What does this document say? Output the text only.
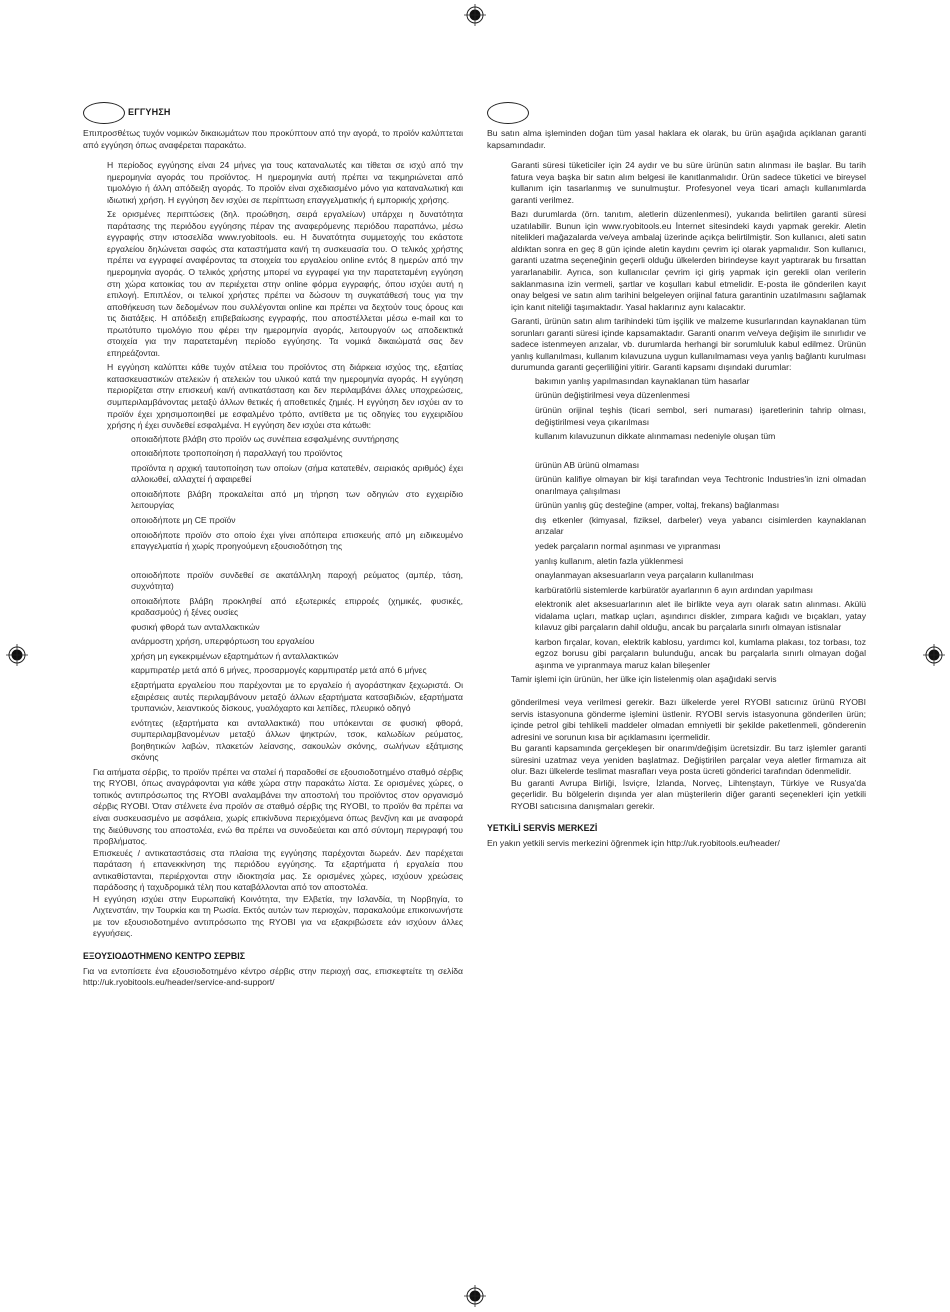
ΕΓΓΥΗΣΗ

Επιπροσθέτως τυχόν νομικών δικαιωμάτων που προκύπτουν από την αγορά, το προϊόν καλύπτεται από εγγύηση όπως αναφέρεται παρακάτω.

Η περίοδος εγγύησης είναι 24 μήνες για τους καταναλωτές και τίθεται σε ισχύ από την ημερομηνία αγοράς του προϊόντος. Η ημερομηνία αυτή πρέπει να τεκμηριώνεται από τιμολόγιο ή άλλη απόδειξη αγοράς. Το προϊόν είναι σχεδιασμένο μόνο για καταναλωτική και ιδιωτική χρήση. Η εγγύηση δεν ισχύει σε περίπτωση επαγγελματικής ή εμπορικής χρήσης.

Σε ορισμένες περιπτώσεις (δηλ. προώθηση, σειρά εργαλείων) υπάρχει η δυνατότητα παράτασης της περιόδου εγγύησης πέραν της αναφερόμενης περιόδου παραπάνω, μέσω εγγραφής στην ιστοσελίδα www.ryobitools. eu. Η δυνατότητα συμμετοχής του εκάστοτε εργαλείου δηλώνεται σαφώς στα καταστήματα και/ή τη συσκευασία του. Ο τελικός χρήστης πρέπει να εγγραφεί αναφέροντας τα στοιχεία του εργαλείου online εντός 8 ημερών από την ημερομηνία αγοράς. Ο τελικός χρήστης μπορεί να εγγραφεί για την παρατεταμένη εγγύηση στη χώρα κατοικίας του αν περιέχεται στην online φόρμα εγγραφής, όπου ισχύει αυτή η επιλογή. Επιπλέον, οι τελικοί χρήστες πρέπει να δώσουν τη συγκατάθεσή τους για την αποθήκευση των δεδομένων που συλλέγονται online και πρέπει να δεχτούν τους όρους και τις διατάξεις. Η απόδειξη επιβεβαίωσης εγγραφής, που αποστέλλεται μέσω e-mail και το πρωτότυπο τιμολόγιο που φέρει την ημερομηνία αγοράς, λειτουργούν ως αποδεικτικά στοιχεία για την παρατεταμένη περίοδο εγγύησης. Τα νομικά δικαιώματά σας δεν επηρεάζονται.

Η εγγύηση καλύπτει κάθε τυχόν ατέλεια του προϊόντος στη διάρκεια ισχύος της, εξαιτίας κατασκευαστικών ατελειών ή ατελειών του υλικού κατά την ημερομηνία αγοράς. Η εγγύηση περιορίζεται στην επισκευή και/ή αντικατάσταση και δεν περιλαμβάνει άλλες υποχρεώσεις, συμπεριλαμβάνοντας μεταξύ άλλων θετικές ή αποθετικές ζημιές. Η εγγύηση δεν ισχύει αν το προϊόν έχει χρησιμοποιηθεί με εσφαλμένο τρόπο, αντίθετα με τις οδηγίες του εγχειριδίου χρήσης ή έχει συνδεθεί εσφαλμένα. Η εγγύηση δεν ισχύει στα κάτωθι:

οποιαδήποτε βλάβη στο προϊόν ως συνέπεια εσφαλμένης συντήρησης
οποιαδήποτε τροποποίηση ή παραλλαγή του προϊόντος
προϊόντα η αρχική ταυτοποίηση των οποίων (σήμα κατατεθέν, σειριακός αριθμός) έχει αλλοιωθεί, αλλαχτεί ή αφαιρεθεί
οποιαδήποτε βλάβη προκαλείται από μη τήρηση των οδηγιών στο εγχειρίδιο λειτουργίας
οποιοδήποτε μη CE προϊόν
οποιοδήποτε προϊόν στο οποίο έχει γίνει απόπειρα επισκευής από μη ειδικευμένο επαγγελματία ή χωρίς προηγούμενη εξουσιοδότηση της
οποιοδήποτε προϊόν συνδεθεί σε ακατάλληλη παροχή ρεύματος (αμπέρ, τάση, συχνότητα)
οποιαδήποτε βλάβη προκληθεί από εξωτερικές επιρροές (χημικές, φυσικές, κραδασμούς) ή ξένες ουσίες
φυσική φθορά των ανταλλακτικών
ανάρμοστη χρήση, υπερφόρτωση του εργαλείου
χρήση μη εγκεκριμένων εξαρτημάτων ή ανταλλακτικών
καρμπιρατέρ μετά από 6 μήνες, προσαρμογές καρμπιρατέρ μετά από 6 μήνες
εξαρτήματα εργαλείου που παρέχονται με το εργαλείο ή αγοράστηκαν ξεχωριστά. Οι εξαιρέσεις αυτές περιλαμβάνουν μεταξύ άλλων εξαρτήματα κατσαβιδιών, εξαρτήματα τρυπανιών, λειαντικούς δίσκους, γυαλόχαρτο και λεπίδες, πλευρικό οδηγό
ενότητες (εξαρτήματα και ανταλλακτικά) που υπόκεινται σε φυσική φθορά, συμπεριλαμβανομένων μεταξύ άλλων ψηκτρών, τσοκ, καλωδίων ρεύματος, βοηθητικών λαβών, πλακετών λείανσης, σακουλών σκόνης, σωλήνων εξάτμισης σκόνης

Για αιτήματα σέρβις, το προϊόν πρέπει να σταλεί ή παραδοθεί σε εξουσιοδοτημένο σταθμό σέρβις της RYOBI, όπως αναγράφονται για κάθε χώρα στην παρακάτω λίστα. Σε ορισμένες χώρες, ο τοπικός αντιπρόσωπος της RYOBI αναλαμβάνει την αποστολή του προϊόντος στον οργανισμό σέρβις RYOBI. Όταν στέλνετε ένα προϊόν σε σταθμό σέρβις της RYOBI, το προϊόν θα πρέπει να είναι συσκευασμένο με ασφάλεια, χωρίς επικίνδυνα περιεχόμενα όπως βενζίνη και με αναφορά της διεύθυνσης του αποστολέα, ενώ θα πρέπει να συνοδεύεται και από σύντομη περιγραφή του προβλήματος.

Επισκευές / αντικαταστάσεις στα πλαίσια της εγγύησης παρέχονται δωρεάν. Δεν παρέχεται παράταση ή επανεκκίνηση της περιόδου εγγύησης. Τα εξαρτήματα ή εργαλεία που αντικαθίστανται, περιέρχονται στην ιδιοκτησία μας. Σε ορισμένες χώρες, ισχύουν χρεώσεις παράδοσης ή ταχυδρομικά τέλη που καταβάλλονται από τον αποστολέα.

Η εγγύηση ισχύει στην Ευρωπαϊκή Κοινότητα, την Ελβετία, την Ισλανδία, τη Νορβηγία, το Λιχτενστάιν, την Τουρκία και τη Ρωσία. Εκτός αυτών των περιοχών, παρακαλούμε επικοινωνήστε με τον εξουσιοδοτημένο αντιπρόσωπο της RYOBI για να εξακριβώσετε εάν ισχύουν άλλες εγγυήσεις.

ΕΞΟΥΣΙΟΔΟΤΗΜΕΝΟ ΚΕΝΤΡΟ ΣΕΡΒΙΣ

Για να εντοπίσετε ένα εξουσιοδοτημένο κέντρο σέρβις στην περιοχή σας, επισκεφτείτε τη σελίδα http://uk.ryobitools.eu/header/service-and-support/

Bu satın alma işleminden doğan tüm yasal haklara ek olarak, bu ürün aşağıda açıklanan garanti kapsamındadır.

Garanti süresi tüketiciler için 24 aydır ve bu süre ürünün satın alınması ile başlar. Bu tarih fatura veya başka bir satın alım belgesi ile kanıtlanmalıdır. Ürün sadece tüketici ve bireysel kullanım için tasarlanmış ve sunulmuştur. Profesyonel veya ticari amaçlı kullanımlarda garanti verilmez.

Bazı durumlarda (örn. tanıtım, aletlerin düzenlenmesi), yukarıda belirtilen garanti süresi uzatılabilir. Bunun için www.ryobitools.eu İnternet sitesindeki kaydı yapmak gerekir. Aletin nitelikleri mağazalarda ve/veya ambalaj üzerinde açıkça belirtilmiştir. Son kullanıcı, aleti satın aldıktan sonra en geç 8 gün içinde aletin kaydını çevrim içi olarak yapmalıdır. Son kullanıcı, garanti uzatma seçeneğinin geçerli olduğu ülkelerden birindeyse kayıt yaptırarak bu fırsattan yararlanabilir. Ayrıca, son kullanıcılar çevrim içi giriş yapmak için gerekli olan verilerin saklanmasına izin vermeli, şartlar ve koşulları kabul etmelidir. E-posta ile gönderilen kayıt onay belgesi ve satın alım tarihini belgeleyen orijinal fatura garantinin uzatılmasını sağlamak için kanıt niteliği taşımaktadır. Yasal haklarınız aynı kalacaktır.

Garanti, ürünün satın alım tarihindeki tüm işçilik ve malzeme kusurlarından kaynaklanan tüm sorunları garanti süresi içinde kapsamaktadır. Garanti onarım ve/veya değişim ile sınırlıdır ve sadece istenmeyen arızalar, vb. durumlarda herhangi bir sorumluluk kabul edilmez. Ürünün yanlış kullanılması, kullanım kılavuzuna uygun kullanılmaması veya yanlış bağlantı kurulması durumunda garanti geçerliliğini yitirir. Garanti kapsamı dışındaki durumlar:

bakımın yanlış yapılmasından kaynaklanan tüm hasarlar
ürünün değiştirilmesi veya düzenlenmesi
ürünün orijinal teşhis (ticari sembol, seri numarası) işaretlerinin tahrip olması, değiştirilmesi veya çıkarılması
kullanım kılavuzunun dikkate alınmaması nedeniyle oluşan tüm
ürünün AB ürünü olmaması
ürünün kalifiye olmayan bir kişi tarafından veya Techtronic Industries'in izni olmadan onarılmaya çalışılması
ürünün yanlış güç desteğine (amper, voltaj, frekans) bağlanması
dış etkenler (kimyasal, fiziksel, darbeler) veya yabancı cisimlerden kaynaklanan arızalar
yedek parçaların normal aşınması ve yıpranması
yanlış kullanım, aletin fazla yüklenmesi
onaylanmayan aksesuarların veya parçaların kullanılması
karbüratörlü sistemlerde karbüratör ayarlarının 6 ayın ardından yapılması
elektronik alet aksesuarlarının alet ile birlikte veya ayrı olarak satın alınması. Akülü vidalama uçları, matkap uçları, aşındırıcı diskler, zımpara kağıdı ve bıçakları, yatay kılavuz gibi parçaların dahil olduğu, ancak bu parçalarla sınırlı olmayan istisnalar
karbon fırçalar, kovan, elektrik kablosu, yardımcı kol, kumlama plakası, toz torbası, toz egzoz borusu gibi parçaların bulunduğu, ancak bu parçalarla sınırlı olmayan doğal aşınma ve yıpranmaya maruz kalan bileşenler

Tamir işlemi için ürünün, her ülke için listelenmiş olan aşağıdaki servis

gönderilmesi veya verilmesi gerekir. Bazı ülkelerde yerel RYOBI satıcınız ürünü RYOBI servis istasyonuna gönderme işlemini üstlenir. RYOBI servis istasyonuna gönderilen ürün; içinde petrol gibi tehlikeli maddeler olmadan emniyetli bir şekilde paketlenmeli, gönderenin adresini ve sorunun kısa bir açıklamasını içermelidir.

Bu garanti kapsamında gerçekleşen bir onarım/değişim ücretsizdir. Bu tarz işlemler garanti süresini uzatmaz veya yeniden başlatmaz. Değiştirilen parçalar veya aletler firmamıza ait olur. Bazı ülkelerde teslimat masrafları veya posta ücreti gönderici tarafından ödenmelidir.

Bu garanti Avrupa Birliği, İsviçre, İzlanda, Norveç, Lihtenştayn, Türkiye ve Rusya'da geçerlidir. Bu bölgelerin dışında yer alan müşterilerin diğer garanti seçenekleri için yetkili RYOBI satıcısına danışmaları gerekir.

YETKİLİ SERVİS MERKEZİ

En yakın yetkili servis merkezini öğrenmek için http://uk.ryobitools.eu/header/
